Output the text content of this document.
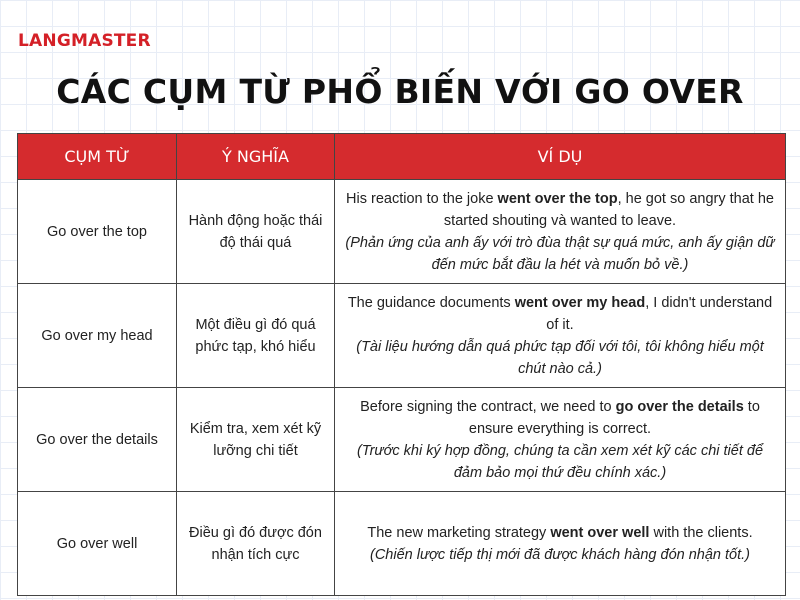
LANGMASTER
CÁC CỤM TỪ PHỔ BIẾN VỚI GO OVER
CỤM TỪ	Ý NGHĨA	VÍ DỤ
Go over the top	Hành động hoặc thái độ thái quá	His reaction to the joke went over the top, he got so angry that he started shouting và wanted to leave.
(Phản ứng của anh ấy với trò đùa thật sự quá mức, anh ấy giận dữ đến mức bắt đầu la hét và muốn bỏ về.)

Go over my head	Một điều gì đó quá phức tạp, khó hiểu	The guidance documents went over my head, I didn't understand of it.
(Tài liệu hướng dẫn quá phức tạp đối với tôi, tôi không hiểu một chút nào cả.)

Go over the details	Kiểm tra, xem xét kỹ lưỡng chi tiết	Before signing the contract, we need to go over the details to ensure everything is correct.
(Trước khi ký hợp đồng, chúng ta cần xem xét kỹ các chi tiết để đảm bảo mọi thứ đều chính xác.)

Go over well	Điều gì đó được đón nhận tích cực	The new marketing strategy went over well with the clients.
(Chiến lược tiếp thị mới đã được khách hàng đón nhận tốt.)
